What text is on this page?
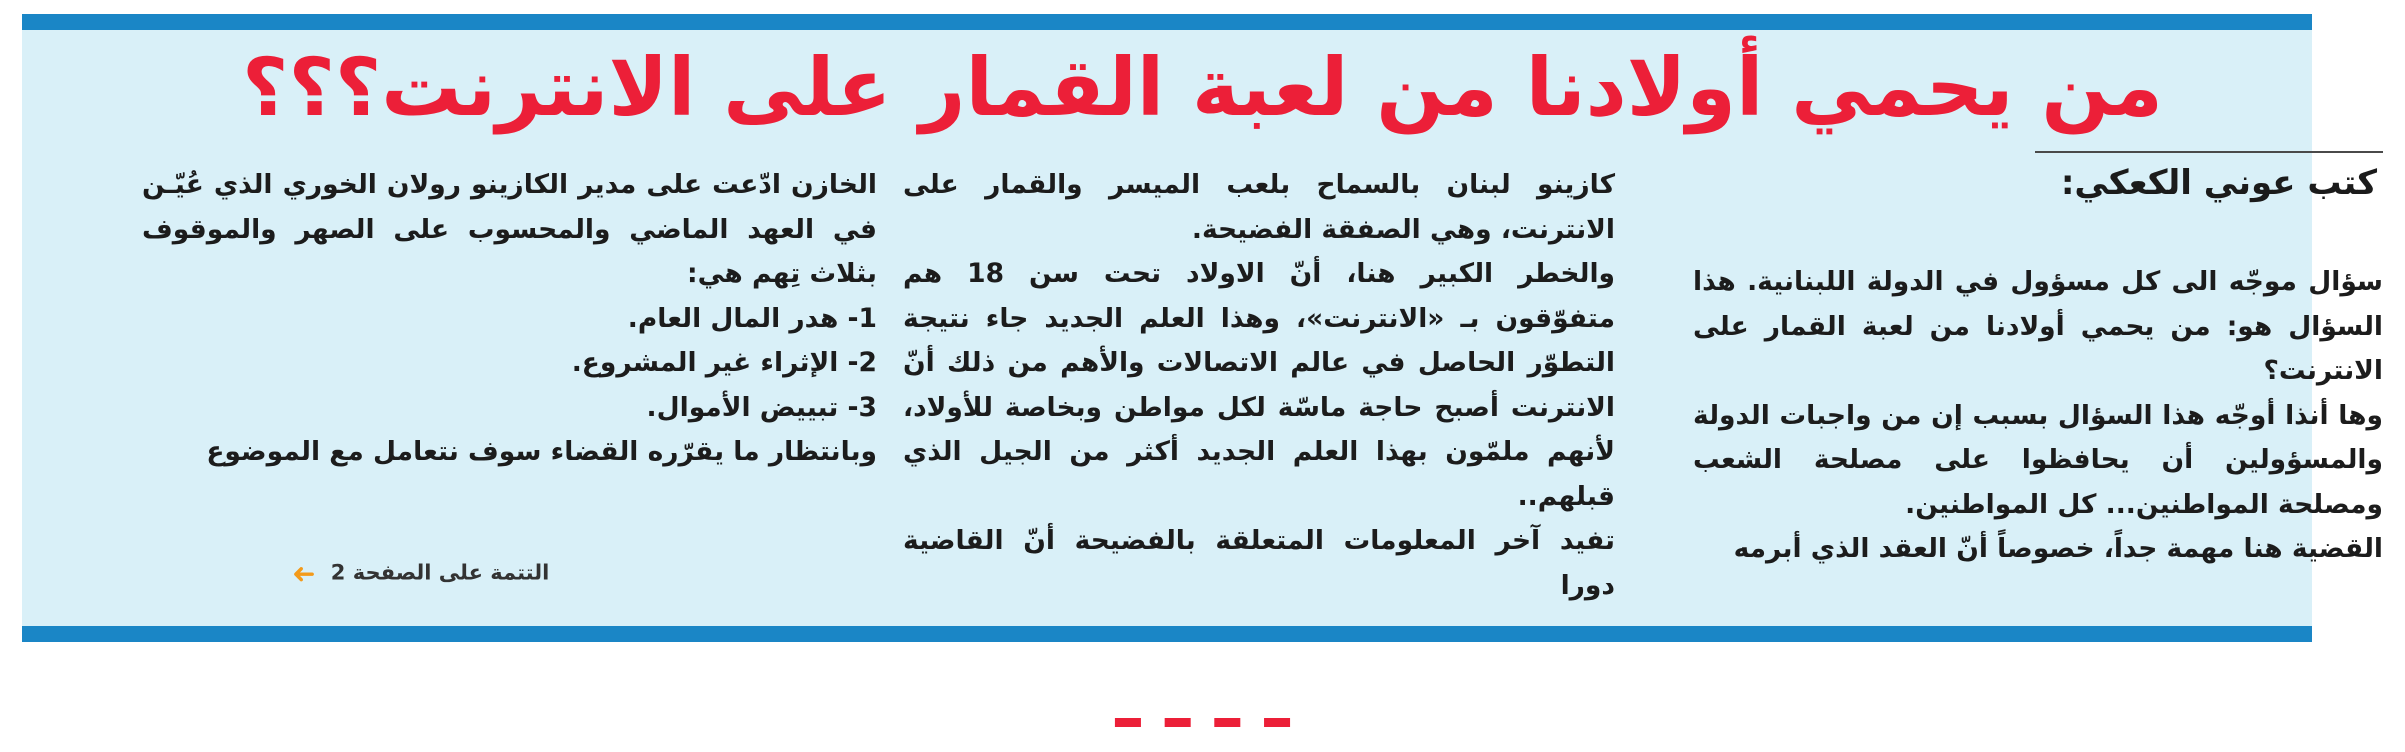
من يحمي أولادنا من لعبة القمار على الانترنت؟؟؟
كتب عوني الكعكي:

سؤال موجّه الى كل مسؤول في الدولة اللبنانية. هذا السؤال هو: من يحمي أولادنا من لعبة القمار على الانترنت؟

وها أنذا أوجّه هذا السؤال بسبب إن من واجبات الدولة والمسؤولين أن يحافظوا على مصلحة الشعب ومصلحة المواطنين... كل المواطنين.

القضية هنا مهمة جداً، خصوصاً أنّ العقد الذي أبرمه

كازينو لبنان بالسماح بلعب الميسر والقمار على الانترنت، وهي الصفقة الفضيحة.

والخطر الكبير هنا، أنّ الاولاد تحت سن 18 هم متفوّقون بـ «الانترنت»، وهذا العلم الجديد جاء نتيجة التطوّر الحاصل في عالم الاتصالات والأهم من ذلك أنّ الانترنت أصبح حاجة ماسّة لكل مواطن وبخاصة للأولاد، لأنهم ملمّون بهذا العلم الجديد أكثر من الجيل الذي قبلهم..

تفيد آخر المعلومات المتعلقة بالفضيحة أنّ القاضية دورا

الخازن ادّعت على مدير الكازينو رولان الخوري الذي عُيّـن في العهد الماضي والمحسوب على الصهر والموقوف بثلاث تِهم هي:

1- هدر المال العام.

2- الإثراء غير المشروع.

3- تبييض الأموال.

وبانتظار ما يقرّره القضاء سوف نتعامل مع الموضوع

التتمة على الصفحة 2 ➜
ـ ـ ـ ـ
